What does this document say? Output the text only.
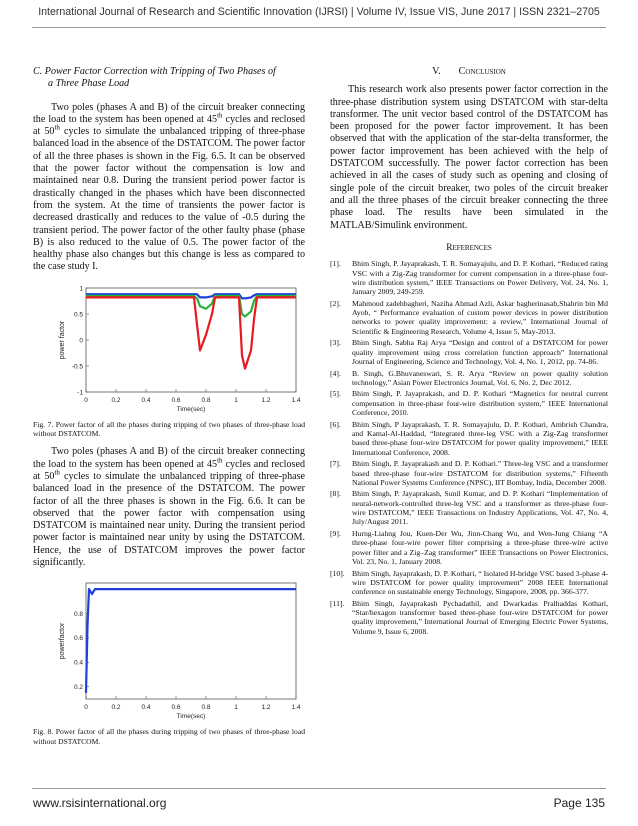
International Journal of Research and Scientific Innovation (IJRSI) | Volume IV, Issue VIS, June 2017 | ISSN 2321–2705

C. Power Factor Correction with Tripping of Two Phases of
a Three Phase Load

Two poles (phases A and B) of the circuit breaker connecting the load to the system has been opened at 45th cycles and reclosed at 50th cycles to simulate the unbalanced tripping of three-phase balanced load in the absence of the DSTATCOM. The power factor of all the three phases is shown in the Fig. 6.5. It can be observed that the power factor without the compensation is low and maintained near 0.8. During the transient period power factor is drastically changed in the phases which have been disconnected from the system. At the time of transients the power factor is decreased drastically and reduces to the value of -0.5 during the transient period. The power factor of the other faulty phase (phase B) is also reduced to the value of 0.5. The power factor of the healthy phase also changes but this change is less as compared to the case study I.

0	0.2	0.4	0.6	0.8	1	1.2	1.4
1
0.5
0
-0.5
-1
Time(sec)
power factor

Fig. 7. Power factor of all the phases during tripping of two phases of three-phase load without DSTATCOM.

Two poles (phases A and B) of the circuit breaker connecting the load to the system has been opened at 45th cycles and reclosed at 50th cycles to simulate the unbalanced tripping of three-phase balanced load in the presence of the DSTATCOM. The power factor of all the three phases is shown in the Fig. 6.6. It can be observed that the power factor with compensation using DSTATCOM is maintained near unity. During the transient period power factor is maintained near unity by using the DSTATCOM. Hence, the use of DSTATCOM improves the power factor significantly.

0	0.2	0.4	0.6	0.8	1	1.2	1.4
0.8
0.6
0.4
0.2
Time(sec)
powerfactor

Fig. 8. Power factor of all the phases during tripping of two phases of three-phase load without DSTATCOM.

V. Conclusion

This research work also presents power factor correction in the three-phase distribution system using DSTATCOM with star-delta transformer. The unit vector based control of the DSTATCOM has been proposed for the power factor improvement. It has been observed that with the application of the star-delta transformer, the power factor improvement has been achieved with the help of DSTATCOM successfully. The power factor correction has been achieved in all the cases of study such as opening and closing of single pole of the circuit breaker, two poles of the circuit breaker and all the three phases of the circuit breaker connecting the three phase load. The results have been simulated in the MATLAB/Simulink environment.

References

[1].	Bhim Singh, P. Jayaprakash, T. R. Somayajulu, and D. P. Kothari, “Reduced rating VSC with a Zig-Zag transformer for current compensation in a three-phase four-wire distribution system,” IEEE Transactions on Power Delivery, Vol. 24, No. 1, January 2009, 249-259.
[2].	Mahmoud zadehbagheri, Naziha Ahmad Azli, Askar bagherinasab,Shahrin bin Md Ayob, “ Performance evaluation of custom power devices in power distribution networks to power quality improvement: a review,” International Journal of Scientific & Engineering Research, Volume 4, Issue 5, May-2013.
[3].	Bhim Singh, Sabha Raj Arya “Design and control of a DSTATCOM for power quality improvement using cross correlation function approach” International Journal of Engineering, Science and Technology, Vol. 4, No. 1, 2012, pp. 74-86.
[4].	B. Singh, G.Bhuvaneswari, S. R. Arya “Review on power quality solution technology,” Asian Power Electronics Journal, Vol. 6, No. 2, Dec 2012.
[5].	Bhim Singh, P. Jayaprakash, and D. P. Kothari “Magnetics for neutral current compensation in three-phase four-wire distribution system,” IEEE International Conference, 2010.
[6].	Bhim Singh, P Jayaprakash, T. R. Somayajulu, D. P. Kothari, Ambrish Chandra, and Kamal-Al-Haddad, “Integrated three-leg VSC with a Zig-Zag transformer based three-phase four-wire DSTATCOM for power quality improvement,” IEEE International Conference, 2008.
[7].	Bhim Singh, P. Jayaprakash and D. P. Kothari.” Three-leg VSC and a transformer based three-phase four-wire DSTATCOM for distribution systems,” Fifteenth National Power Systems Conference (NPSC), IIT Bombay, India, December 2008.
[8].	Bhim Singh, P. Jayaprakash, Sunil Kumar, and D. P. Kothari “Implementation of neural-network-controlled three-leg VSC and a transformer as three-phase four-wire DSTATCOM,” IEEE Transactions on Industry Applications, Vol. 47, No. 4, July/August 2011.
[9].	Hurng-Liahng Jou, Kuen-Der Wu, Jinn-Chang Wu, and Wen-Jung Chiang “A three-phase four-wire power filter comprising a three-phase three-wire active power filter and a Zig–Zag transformer” IEEE Transactions on Power Electronics, Vol. 23, No. 1, January 2008.
[10]. Bhim Singh, Jayaprakash, D. P. Kothari, “ Isolated H-bridge VSC based 3-phase 4-wire DSTATCOM for power quality improvement” 2008 IEEE International conference on sustainable energy Technology, Singapore, 2008, pp. 366-377.
[11]. Bhim Singh, Jayaprakash Pychadathil, and Dwarkadas Pralhaddas Kothari, “Star/hexagon transformer based three-phase four-wire DSTATCOM for power quality improvement,” International Journal of Emerging Electric Power Systems, Volume 9, Issue 6, 2008.
www.rsisinternational.org	Page 135
